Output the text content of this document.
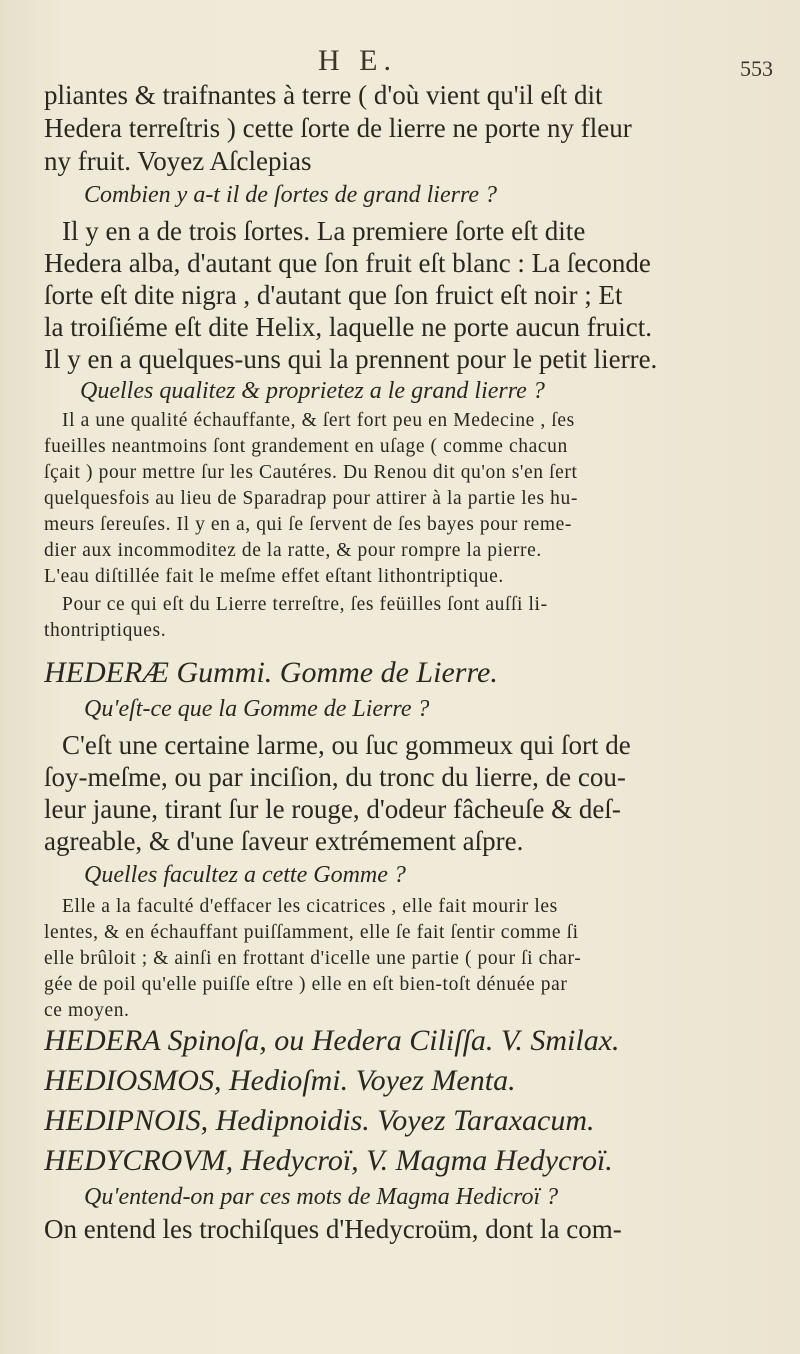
H E.	553
pliantes & traifnantes à terre ( d'où vient qu'il eſt dit
Hedera terreſtris ) cette ſorte de lierre ne porte ny fleur
ny fruit. Voyez Aſclepias
Combien y a-t il de ſortes de grand lierre ?
Il y en a de trois ſortes. La premiere ſorte eſt dite
Hedera alba, d'autant que ſon fruit eſt blanc : La ſeconde
ſorte eſt dite nigra , d'autant que ſon fruict eſt noir ; Et
la troiſiéme eſt dite Helix, laquelle ne porte aucun fruict.
Il y en a quelques-uns qui la prennent pour le petit lierre.
Quelles qualitez & proprietez a le grand lierre ?
Il a une qualité échauffante, & ſert fort peu en Medecine , ſes
fueilles neantmoins ſont grandement en uſage ( comme chacun
ſçait ) pour mettre ſur les Cautéres. Du Renou dit qu'on s'en ſert
quelquesfois au lieu de Sparadrap pour attirer à la partie les hu-
meurs ſereuſes. Il y en a, qui ſe ſervent de ſes bayes pour reme-
dier aux incommoditez de la ratte, & pour rompre la pierre.
L'eau diſtillée fait le meſme effet eſtant lithontriptique.
Pour ce qui eſt du Lierre terreſtre, ſes feüilles ſont auſſi li-
thontriptiques.
HEDERÆ Gummi. Gomme de Lierre.
Qu'eſt-ce que la Gomme de Lierre ?
C'eſt une certaine larme, ou ſuc gommeux qui ſort de
ſoy-meſme, ou par inciſion, du tronc du lierre, de cou-
leur jaune, tirant ſur le rouge, d'odeur fâcheuſe & deſ-
agreable, & d'une ſaveur extrémement aſpre.
Quelles facultez a cette Gomme ?
Elle a la faculté d'effacer les cicatrices , elle fait mourir les
lentes, & en échauffant puiſſamment, elle ſe fait ſentir comme ſi
elle brûloit ; & ainſi en frottant d'icelle une partie ( pour ſi char-
gée de poil qu'elle puiſſe eſtre ) elle en eſt bien-toſt dénuée par
ce moyen.
HEDERA Spinoſa, ou Hedera Ciliſſa. V. Smilax.
HEDIOSMOS, Hedioſmi. Voyez Menta.
HEDIPNOIS, Hedipnoidis. Voyez Taraxacum.
HEDYCROVM, Hedycroï, V. Magma Hedycroï.
Qu'entend-on par ces mots de Magma Hedicroï ?
On entend les trochiſques d'Hedycroüm, dont la com-
